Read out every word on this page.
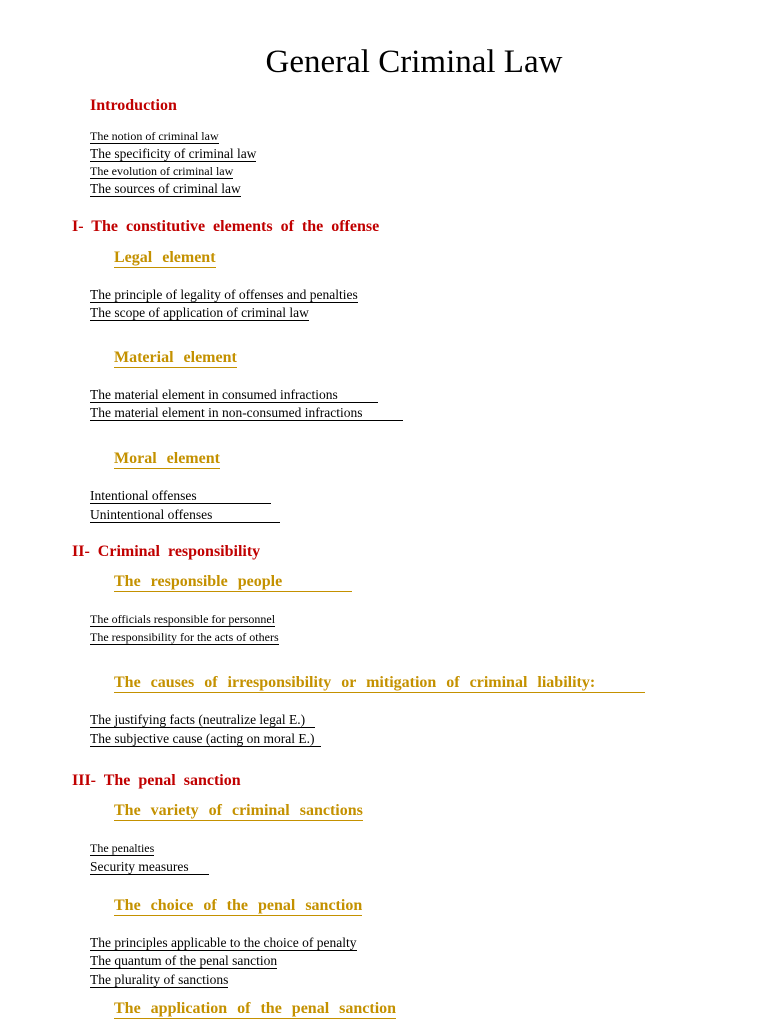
General Criminal Law
Introduction
The notion of criminal law
The specificity of criminal law
The evolution of criminal law
The sources of criminal law
I- The constitutive elements of the offense
Legal element
The principle of legality of offenses and penalties
The scope of application of criminal law
Material element
The material element in consumed infractions
The material element in non-consumed infractions
Moral element
Intentional offenses
Unintentional offenses
II- Criminal responsibility
The responsible people
The officials responsible for personnel
The responsibility for the acts of others
The causes of irresponsibility or mitigation of criminal liability:
The justifying facts (neutralize legal E.)
The subjective cause (acting on moral E.)
III- The penal sanction
The variety of criminal sanctions
The penalties
Security measures
The choice of the penal sanction
The principles applicable to the choice of penalty
The quantum of the penal sanction
The plurality of sanctions
The application of the penal sanction
